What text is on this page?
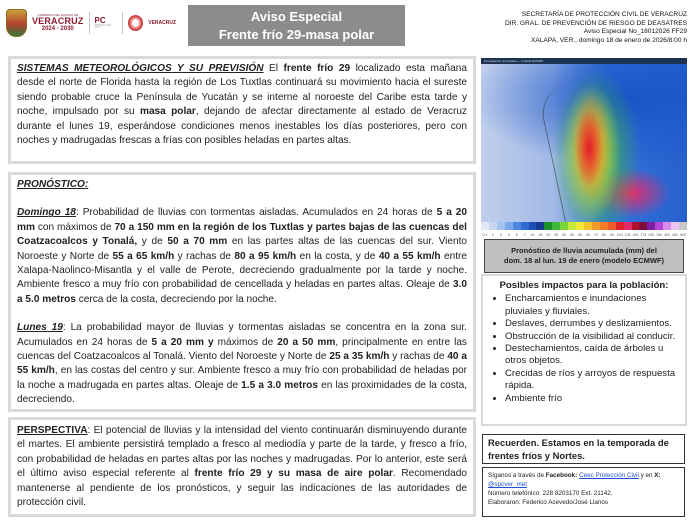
GOBIERNO DEL ESTADO DE
VERACRUZ
2024 - 2030
PC
PROTECCIÓN CIVIL
VERACRUZ	Aviso Especial
Frente frío 29-masa polar
SECRETARÍA DE PROTECCIÓN CIVIL DE VERACRUZ
DIR. GRAL. DE PREVENCIÓN DE RIESGO DE DEASATRES
Aviso Especial No_18012026 FF29
XALAPA, VER., domingo 18 de enero de 2026/8:00 h
SISTEMAS METEOROLÓGICOS Y SU PREVISIÓN El frente frío 29 localizado esta mañana desde el norte de Florida hasta la región de Los Tuxtlas continuará su movimiento hacia el sureste siendo probable cruce la Península de Yucatán y se interne al noroeste del Caribe esta tarde y noche, impulsado por su masa polar, dejando de afectar directamente al estado de Veracruz durante el lunes 19, esperándose condiciones menos inestables los días posteriores, pero con noches y madrugadas frescas a frías con posibles heladas en partes altas.
PRONÓSTICO:
Domingo 18: Probabilidad de lluvias con tormentas aisladas. Acumulados en 24 horas de 5 a 20 mm con máximos de 70 a 150 mm en la región de los Tuxtlas y partes bajas de las cuencas del Coatzacoalcos y Tonalá, y de 50 a 70 mm en las partes altas de las cuencas del sur. Viento Noroeste y Norte de 55 a 65 km/h y rachas de 80 a 95 km/h en la costa, y de 40 a 55 km/h entre Xalapa-Naolinco-Misantla y el valle de Perote, decreciendo gradualmente por la tarde y noche. Ambiente fresco a muy frío con probabilidad de cencellada y heladas en partes altas. Oleaje de 3.0 a 5.0 metros cerca de la costa, decreciendo por la noche.
Lunes 19: La probabilidad mayor de lluvias y tormentas aisladas se concentra en la zona sur. Acumulados en 24 horas de 5 a 20 mm y máximos de 20 a 50 mm, principalmente en entre las cuencas del Coatzacoalcos al Tonalá. Viento del Noroeste y Norte de 25 a 35 km/h y rachas de 40 a 55 km/h, en las costas del centro y sur. Ambiente fresco a muy frío con probabilidad de heladas por la noche a madrugada en partes altas. Oleaje de 1.5 a 3.0 metros en las proximidades de la costa, decreciendo.
PERSPECTIVA: El potencial de lluvias y la intensidad del viento continuarán disminuyendo durante el martes. El ambiente persistirá templado a fresco al mediodía y parte de la tarde, y fresco a frío, con probabilidad de heladas en partes altas por las noches y madrugadas. Por lo anterior, este será el último aviso especial referente al frente frío 29 y su masa de aire polar. Recomendado mantenerse al pendiente de los pronósticos, y seguir las indicaciones de las autoridades de protección civil.
Precipitación acumulada — modelo ECMWF
0.1	1	2	3	5	7	10	15	20	25	30	40	50	60	70	80	90 100 125 150 175 200 250 300 400 500
Pronóstico de lluvia acumulada (mm) del
dom. 18 al lun. 19 de enero (modelo ECMWF)
Posibles impactos para la población:
• Encharcamientos e inundaciones pluviales y fluviales.
• Deslaves, derrumbes y deslizamientos.
• Obstrucción de la visibilidad al conducir.
• Destechamientos, caída de árboles u otros objetos.
• Crecidas de ríos y arroyos de respuesta rápida.
• Ambiente frío
Recuerden. Estamos en la temporada de frentes fríos y Nortes.
Síganos a través de Facebook: Ceec Protección Civil y en X:
@spcver_met
Número telefónico: 228 8203170 Ext. 21142.
Elaboraron: Federico Acevedo/José Llanos
